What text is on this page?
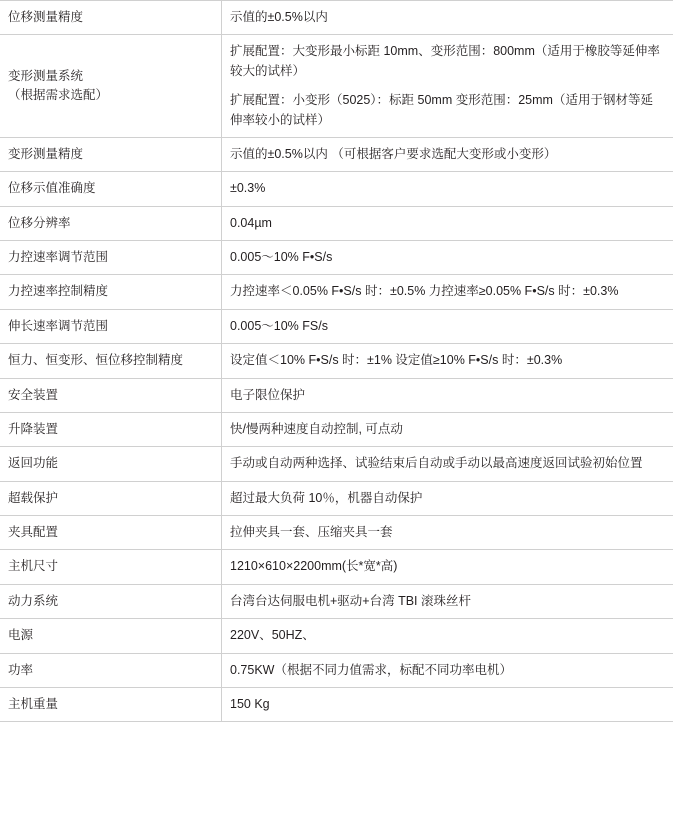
位移测量精度	示值的±0.5%以内

变形测量系统
（根据需求选配）	扩展配置：大变形最小标距 10mm、变形范围：800mm（适用于橡胶等延伸率较大的试样）
扩展配置：小变形（5025）：标距 50mm 变形范围：25mm（适用于钢材等延伸率较小的试样）

变形测量精度	示值的±0.5%以内 （可根据客户要求选配大变形或小变形）

位移示值准确度	±0.3%

位移分辨率	0.04µm

力控速率调节范围	0.005～10% F•S/s

力控速率控制精度	力控速率＜0.05% F•S/s 时：±0.5% 力控速率≥0.05% F•S/s 时：±0.3%

伸长速率调节范围	0.005～10% FS/s

恒力、恒变形、恒位移控制精度	设定值＜10% F•S/s 时：±1% 设定值≥10% F•S/s 时：±0.3%

安全装置	电子限位保护

升降装置	快/慢两种速度自动控制, 可点动

返回功能	手动或自动两种选择、试验结束后自动或手动以最高速度返回试验初始位置

超载保护	超过最大负荷 10％，机器自动保护

夹具配置	拉伸夹具一套、压缩夹具一套

主机尺寸	1210×610×2200mm(长*宽*高)

动力系统	台湾台达伺服电机+驱动+台湾 TBI 滚珠丝杆

电源	220V、50HZ、

功率	0.75KW（根据不同力值需求，标配不同功率电机）

主机重量	150 Kg
